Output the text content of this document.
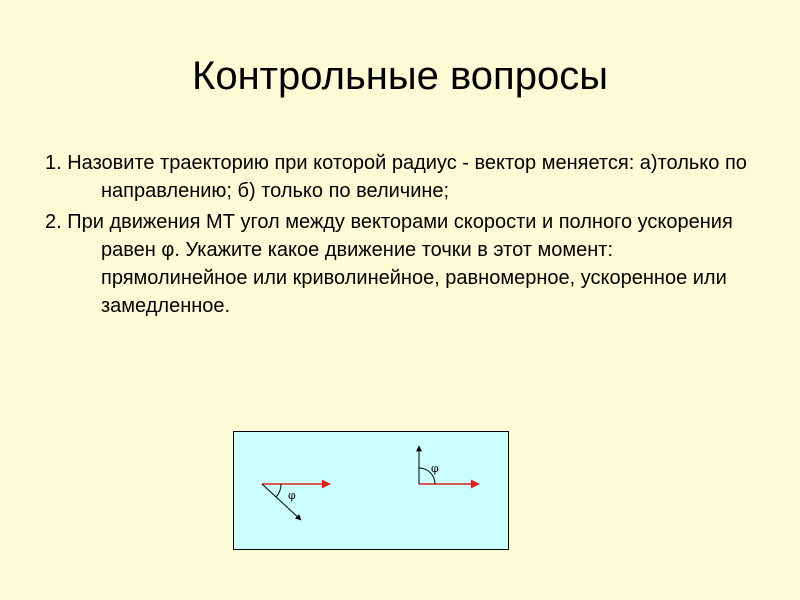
Контрольные вопросы
1. Назовите траекторию при которой радиус - вектор меняется: а)только по направлению; б) только по величине;
2. При движения МТ угол между векторами скорости и полного ускорения равен φ. Укажите какое движение точки в этот момент: прямолинейное или криволинейное, равномерное, ускоренное или замедленное.
φ
φ
